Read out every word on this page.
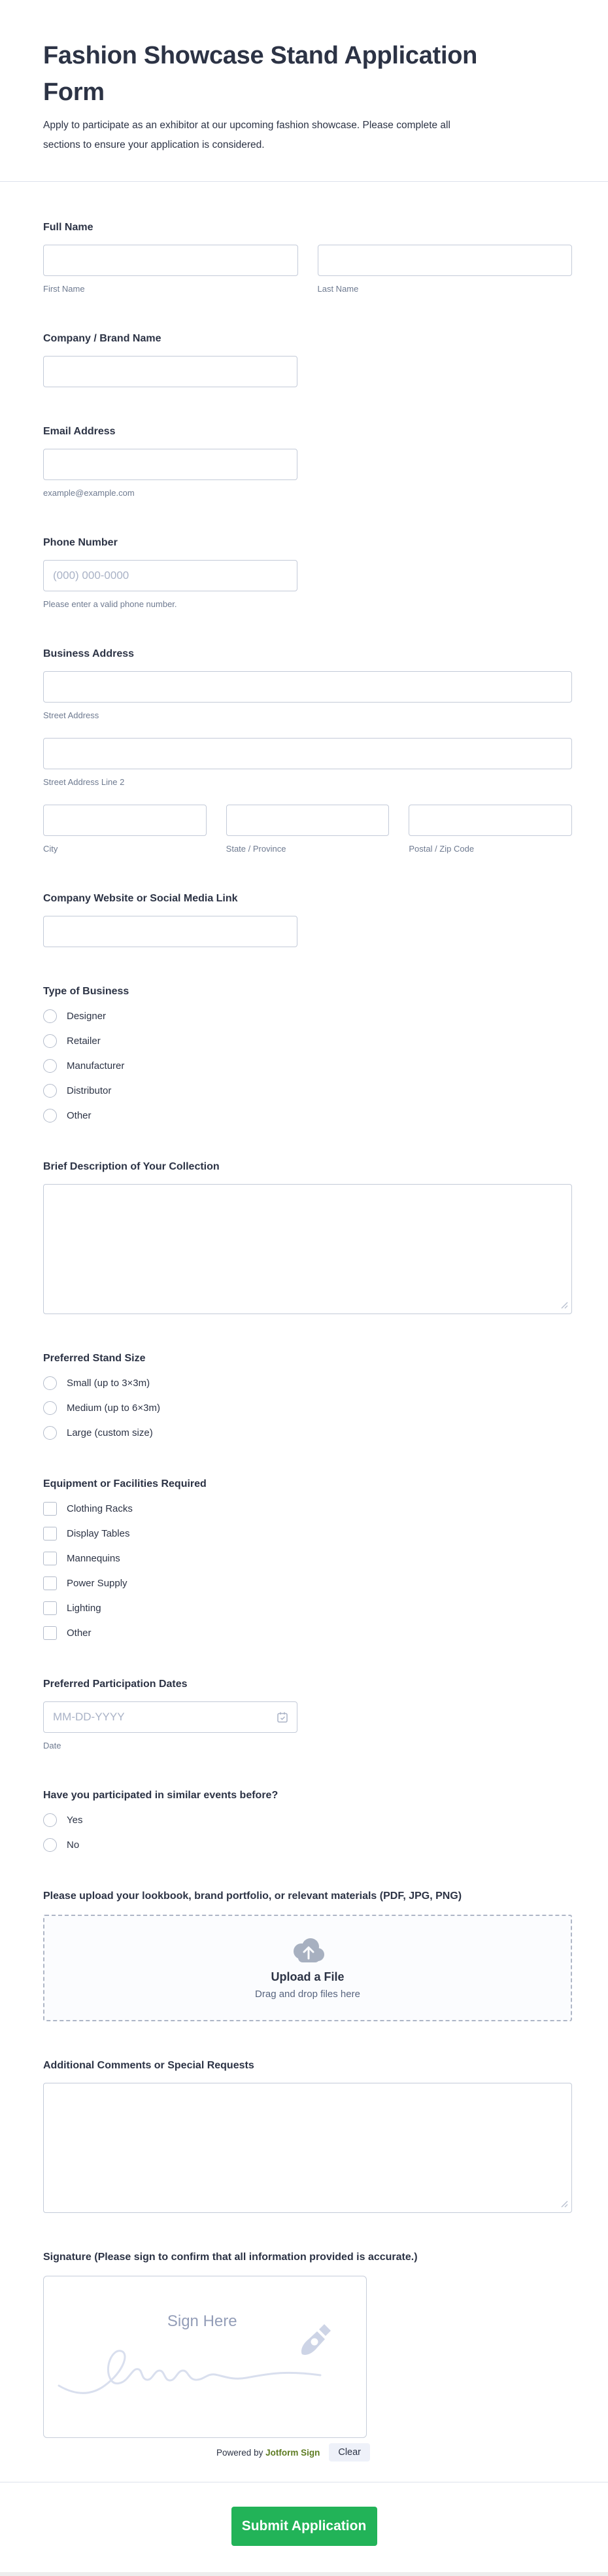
Fashion Showcase Stand Application
Form
Apply to participate as an exhibitor at our upcoming fashion showcase. Please complete all sections to ensure your application is considered.
Full Name
First Name	Last Name
Company / Brand Name
Email Address
example@example.com
Phone Number
(000) 000-0000
Please enter a valid phone number.
Business Address
Street Address
Street Address Line 2
City	State / Province	Postal / Zip Code
Company Website or Social Media Link
Type of Business
Designer
Retailer
Manufacturer
Distributor
Other
Brief Description of Your Collection
Preferred Stand Size
Small (up to 3×3m)
Medium (up to 6×3m)
Large (custom size)
Equipment or Facilities Required
Clothing Racks
Display Tables
Mannequins
Power Supply
Lighting
Other
Preferred Participation Dates
MM-DD-YYYY
Date
Have you participated in similar events before?
Yes
No
Please upload your lookbook, brand portfolio, or relevant materials (PDF, JPG, PNG)
Upload a File
Drag and drop files here
Additional Comments or Special Requests
Signature (Please sign to confirm that all information provided is accurate.)
Sign Here
Powered by Jotform Sign	Clear
Submit Application
